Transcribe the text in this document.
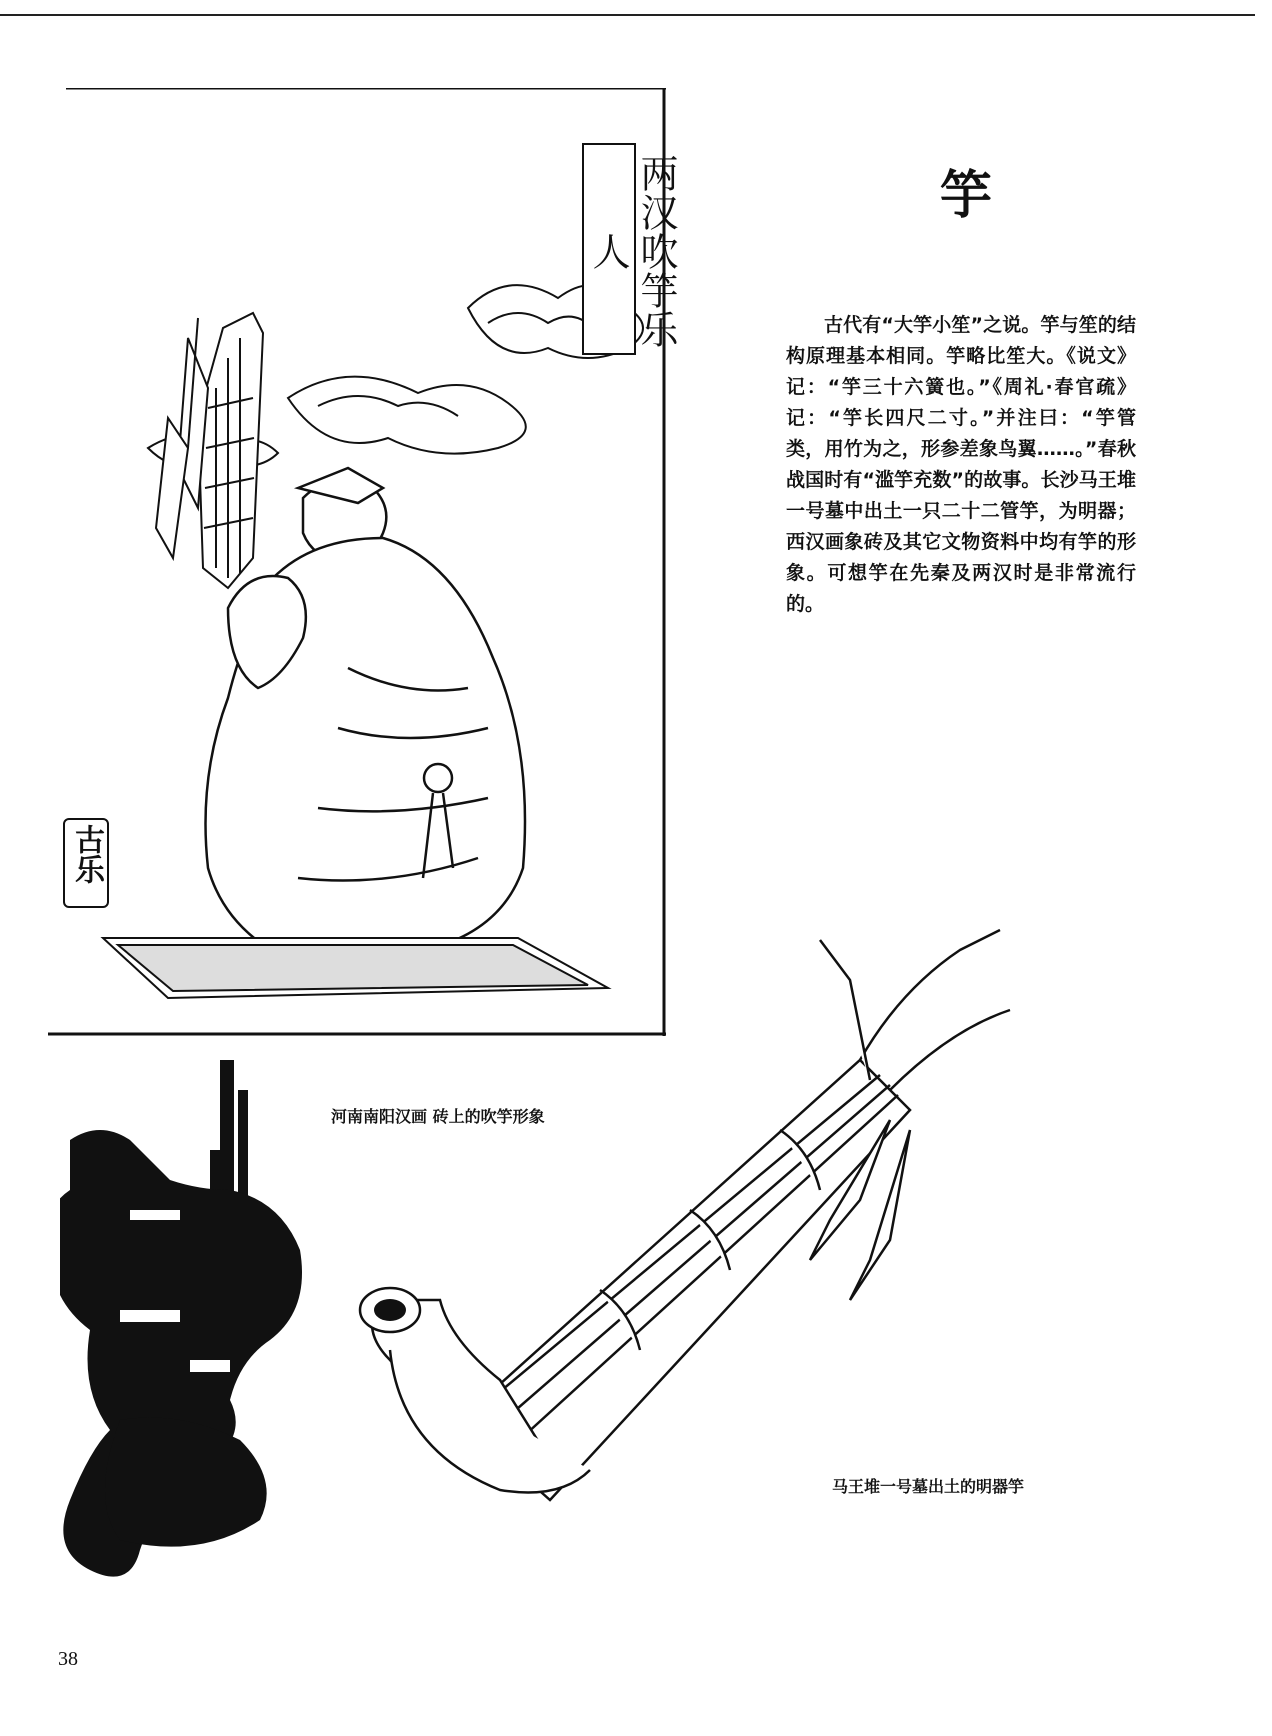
两汉吹竽乐人
古乐
竽
古代有“大竽小笙”之说。竽与笙的结构原理基本相同。竽略比笙大。《说文》记：“竽三十六簧也。”《周礼·春官疏》记：“竽长四尺二寸。”并注曰：“竽管类，用竹为之，形参差象鸟翼……。”春秋战国时有“滥竽充数”的故事。长沙马王堆一号墓中出土一只二十二管竽，为明器；西汉画象砖及其它文物资料中均有竽的形象。可想竽在先秦及两汉时是非常流行的。
河南南阳汉画 砖上的吹竽形象
马王堆一号墓出土的明器竽
38
